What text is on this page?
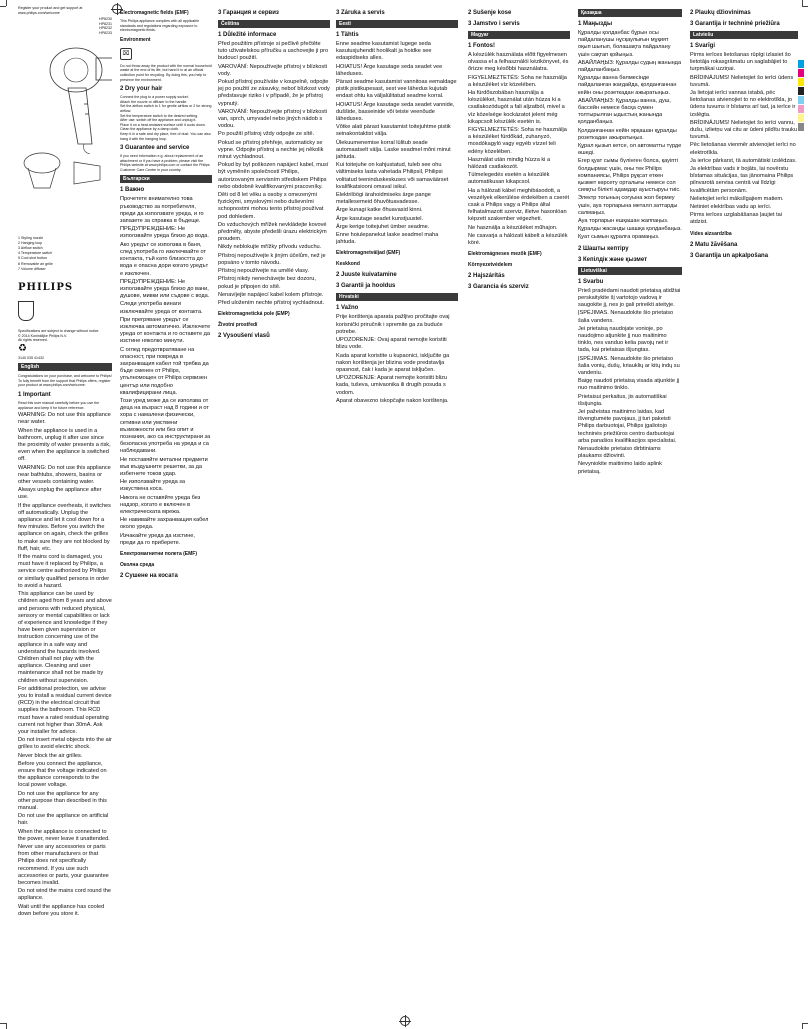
Register your product and get support at
www.philips.com/welcome
HP8230
HP8231
HP8232
HP8233
1 Styling nozzle
2 Hanging loop
3 Airflow switch
4 Temperature switch
5 Cool shot button
6 Removable air grille
7 Volume diffuser
PHILIPS
Specifications are subject to change without notice
© 2014 Koninklijke Philips N.V.
All rights reserved.
♻
3140 035 41432
English
Congratulations on your purchase, and welcome to Philips! To fully benefit from the support that Philips offers, register your product at www.philips.com/welcome.
1 Important
Read this user manual carefully before you use the appliance and keep it for future reference.
WARNING: Do not use this appliance near water.
When the appliance is used in a bathroom, unplug it after use since the proximity of water presents a risk, even when the appliance is switched off.
WARNING: Do not use this appliance near bathtubs, showers, basins or other vessels containing water.
Always unplug the appliance after use.
If the appliance overheats, it switches off automatically. Unplug the appliance and let it cool down for a few minutes. Before you switch the appliance on again, check the grilles to make sure they are not blocked by fluff, hair, etc.
If the mains cord is damaged, you must have it replaced by Philips, a service centre authorized by Philips or similarly qualified persons in order to avoid a hazard.
This appliance can be used by children aged from 8 years and above and persons with reduced physical, sensory or mental capabilities or lack of experience and knowledge if they have been given supervision or instruction concerning use of the appliance in a safe way and understand the hazards involved. Children shall not play with the appliance. Cleaning and user maintenance shall not be made by children without supervision.
For additional protection, we advise you to install a residual current device (RCD) in the electrical circuit that supplies the bathroom. This RCD must have a rated residual operating current not higher than 30mA. Ask your installer for advice.
Do not insert metal objects into the air grilles to avoid electric shock.
Never block the air grilles.
Before you connect the appliance, ensure that the voltage indicated on the appliance corresponds to the local power voltage.
Do not use the appliance for any other purpose than described in this manual.
Do not use the appliance on artificial hair.
When the appliance is connected to the power, never leave it unattended.
Never use any accessories or parts from other manufacturers or that Philips does not specifically recommend. If you use such accessories or parts, your guarantee becomes invalid.
Do not wind the mains cord round the appliance.
Wait until the appliance has cooled down before you store it.
Electromagnetic fields (EMF)
This Philips appliance complies with all applicable standards and regulations regarding exposure to electromagnetic fields.
Environment
⌧
Do not throw away the product with the normal household waste at the end of its life, but hand it in at an official collection point for recycling. By doing this, you help to preserve the environment.
2 Dry your hair
Connect the plug to a power supply socket.
Attach the nozzle or diffuser to the handle.
Set the airflow switch to 1 for gentle airflow or 2 for strong airflow.
Set the temperature switch to the desired setting.
After use: switch off the appliance and unplug it.
Place it on a heat-resistant surface until it cools down.
Clean the appliance by a damp cloth.
Keep it in a safe and dry place, free of dust. You can also hang it with the hanging loop.
3 Guarantee and service
If you need information e.g. about replacement of an attachment or if you have a problem, please visit the Philips website at www.philips.com or contact the Philips Customer Care Centre in your country.
Български
1 Важно
Прочетете внимателно това ръководство за потребителя, преди да използвате уреда, и го запазете за справка в бъдеще.
ПРЕДУПРЕЖДЕНИЕ: Не използвайте уреда близо до вода.
Ако уредът се използва в баня, след употреба го изключвайте от контакта, тъй като близостта до вода е опасна дори когато уредът е изключен.
ПРЕДУПРЕЖДЕНИЕ: Не използвайте уреда близо до вани, душове, мивки или съдове с вода.
Следи употреба винаги изключвайте уреда от контакта.
При прегряване уредът се изключва автоматично. Изключете уреда от контакта и го оставете да изстине няколко минути.
С оглед предотвратяване на опасност, при повреда в захранващия кабел той трябва да бъде сменен от Philips, упълномощен от Philips сервизен център или подобно квалифицирани лица.
Този уред може да се използва от деца на възраст над 8 години и от хора с намалени физически, сетивни или умствени възможности или без опит и познания, ако са инструктирани за безопасна употреба на уреда и са наблюдавани.
Не поставяйте метални предмети във въздушните решетки, за да избегнете токов удар.
Не използвайте уреда за изкуствена коса.
Никога не оставяйте уреда без надзор, когато е включен в електрическата мрежа.
Не навивайте захранващия кабел около уреда.
Изчакайте уреда да изстине, преди да го приберете.
Електромагнитни полета (EMF)
Околна среда
2 Сушене на косата
3 Гаранция и сервиз
Čeština
1 Důležité informace
Před použitím přístroje si pečlivě přečtěte tuto uživatelskou příručku a uschovejte ji pro budoucí použití.
VAROVÁNÍ: Nepoužívejte přístroj v blízkosti vody.
Pokud přístroj používáte v koupelně, odpojte jej po použití ze zásuvky, neboť blízkost vody představuje riziko i v případě, že je přístroj vypnutý.
VAROVÁNÍ: Nepoužívejte přístroj v blízkosti van, sprch, umyvadel nebo jiných nádob s vodou.
Po použití přístroj vždy odpojte ze sítě.
Pokud se přístroj přehřeje, automaticky se vypne. Odpojte přístroj a nechte jej několik minut vychladnout.
Pokud by byl poškozen napájecí kabel, musí být vyměněn společností Philips, autorizovaným servisním střediskem Philips nebo obdobně kvalifikovanými pracovníky.
Děti od 8 let věku a osoby s omezenými fyzickými, smyslovými nebo duševními schopnostmi mohou tento přístroj používat pod dohledem.
Do vzduchových mřížek nevkládejte kovové předměty, abyste předešli úrazu elektrickým proudem.
Nikdy neblokujte mřížky přívodu vzduchu.
Přístroj nepoužívejte k jiným účelům, než je popsáno v tomto návodu.
Přístroj nepoužívejte na umělé vlasy.
Přístroj nikdy nenechávejte bez dozoru, pokud je připojen do sítě.
Nenavíjejte napájecí kabel kolem přístroje.
Před uložením nechte přístroj vychladnout.
Elektromagnetická pole (EMP)
Životní prostředí
2 Vysoušení vlasů
3 Záruka a servis
Eesti
1 Tähtis
Enne seadme kasutamist lugege seda kasutusjuhendit hoolikalt ja hoidke see edaspidiseks alles.
HOIATUS! Ärge kasutage seda seadet vee läheduses.
Pärast seadme kasutamist vannitoas eemaldage pistik pistikupesast, sest vee lähedus kujutab endast ohtu ka väljalülitatud seadme korral.
HOIATUS! Ärge kasutage seda seadet vannide, duššide, basseinide või teiste veenõude läheduses.
Võtke alati pärast kasutamist toitejuhtme pistik seinakontaktist välja.
Ülekuumenemise korral lülitub seade automaatselt välja. Laske seadmel mõni minut jahtuda.
Kui toitejuhe on kahjustatud, tuleb see ohu vältimiseks lasta vahetada Philipsil, Philipsi volitatud teeninduskeskuses või samaväärset kvalifikatsiooni omaval isikul.
Elektrilöögi ärahoidmiseks ärge pange metallesemeid õhuvõtuavadesse.
Ärge kunagi katke õhuavasid kinni.
Ärge kasutage seadet kunstjuustel.
Ärge kerige toitejuhet ümber seadme.
Enne hoiulepanekut laske seadmel maha jahtuda.
Elektromagnetväljad (EMF)
Keskkond
2 Juuste kuivatamine
3 Garantii ja hooldus
Hrvatski
1 Važno
Prije korištenja aparata pažljivo pročitajte ovaj korisnički priručnik i spremite ga za buduće potrebe.
UPOZORENJE: Ovaj aparat nemojte koristiti blizu vode.
Kada aparat koristite u kupaonici, isključite ga nakon korištenja jer blizina vode predstavlja opasnost, čak i kada je aparat isključen.
UPOZORENJE: Aparat nemojte koristiti blizu kada, tuševa, umivaonika ili drugih posuda s vodom.
Aparat obavezno iskopčajte nakon korištenja.
2 Sušenje kose
3 Jamstvo i servis
Magyar
1 Fontos!
A készülék használata előtt figyelmesen olvassa el a felhasználói kézikönyvet, és őrizze meg későbbi használatra.
FIGYELMEZTETÉS: Soha ne használja a készüléket víz közelében.
Ha fürdőszobában használja a készüléket, használat után húzza ki a csatlakozódugót a fali aljzatból, mivel a víz közelsége kockázatot jelent még kikapcsolt készülék esetén is.
FIGYELMEZTETÉS: Soha ne használja a készüléket fürdőkád, zuhanyzó, mosdókagyló vagy egyéb vízzel teli edény közelében.
Használat után mindig húzza ki a hálózati csatlakozót.
Túlmelegedés esetén a készülék automatikusan kikapcsol.
Ha a hálózati kábel meghibásodott, a veszélyek elkerülése érdekében a cserét csak a Philips vagy a Philips által felhatalmazott szerviz, illetve hasonlóan képzett szakember végezheti.
Ne használja a készüléket műhajon.
Ne csavarja a hálózati kábelt a készülék köré.
Elektromágneses mezők (EMF)
Környezetvédelem
2 Hajszárítás
3 Garancia és szerviz
Қазақша
1 Маңызды
Құралды қолданбас бұрын осы пайдаланушы нұсқаулығын мұқият оқып шығып, болашақта пайдалану үшін сақтап қойыңыз.
АБАЙЛАҢЫЗ: Құралды судың жанында пайдаланбаңыз.
Құралды ванна бөлмесінде пайдаланған жағдайда, қолданғаннан кейін оны розеткадан ажыратыңыз.
АБАЙЛАҢЫЗ: Құралды ванна, душ, бассейн немесе басқа сумен толтырылған ыдыстың жанында қолданбаңыз.
Қолданғаннан кейін әрқашан құралды розеткадан ажыратыңыз.
Құрал қызып кетсе, ол автоматты түрде өшеді.
Егер қуат сымы бүлінген болса, қауіпті болдырмас үшін, оны тек Philips компаниясы, Philips рұқсат еткен қызмет көрсету орталығы немесе сол сияқты білікті адамдар ауыстыруы тиіс.
Электр тогының соғуына жол бермеу үшін, ауа торларына металл заттарды салмаңыз.
Ауа торларын ешқашан жаппаңыз.
Құралды жасанды шашқа қолданбаңыз.
Қуат сымын құралға орамаңыз.
2 Шашты кептіру
3 Кепілдік және қызмет
Lietuviškai
1 Svarbu
Prieš pradėdami naudoti prietaisą atidžiai perskaitykite šį vartotojo vadovą ir saugokite jį, nes jo gali prireikti ateityje.
ĮSPĖJIMAS. Nenaudokite šio prietaiso šalia vandens.
Jei prietaisą naudojate vonioje, po naudojimo atjunkite jį nuo maitinimo tinklo, nes vanduo kelia pavojų net ir tada, kai prietaisas išjungtas.
ĮSPĖJIMAS. Nenaudokite šio prietaiso šalia vonių, dušų, kriauklių ar kitų indų su vandeniu.
Baigę naudoti prietaisą visada atjunkite jį nuo maitinimo tinklo.
Prietaisui perkaitus, jis automatiškai išsijungia.
Jei pažeistas maitinimo laidas, kad išvengtumėte pavojaus, jį turi pakeisti Philips darbuotojai, Philips įgaliotojo techninės priežiūros centro darbuotojai arba panašios kvalifikacijos specialistai.
Nenaudokite prietaiso dirbtiniams plaukams džiovinti.
Nevyniokite maitinimo laido aplink prietaisą.
2 Plaukų džiovinimas
3 Garantija ir techninė priežiūra
Latviešu
1 Svarīgi
Pirms ierīces lietošanas rūpīgi izlasiet šo lietotāja rokasgrāmatu un saglabājiet to turpmākai uzziņai.
BRĪDINĀJUMS! Nelietojiet šo ierīci ūdens tuvumā.
Ja lietojat ierīci vannas istabā, pēc lietošanas atvienojiet to no elektrotīkla, jo ūdens tuvums ir bīstams arī tad, ja ierīce ir izslēgta.
BRĪDINĀJUMS! Nelietojiet šo ierīci vannu, dušu, izlietņu vai citu ar ūdeni pildītu trauku tuvumā.
Pēc lietošanas vienmēr atvienojiet ierīci no elektrotīkla.
Ja ierīce pārkarst, tā automātiski izslēdzas.
Ja elektrības vads ir bojāts, lai novērstu bīstamas situācijas, tas jānomaina Philips pilnvarotā servisa centrā vai līdzīgi kvalificētām personām.
Nelietojiet ierīci mākslīgajiem matiem.
Netiniet elektrības vadu ap ierīci.
Pirms ierīces uzglabāšanas ļaujiet tai atdzist.
Vides aizsardzība
2 Matu žāvēšana
3 Garantija un apkalpošana
